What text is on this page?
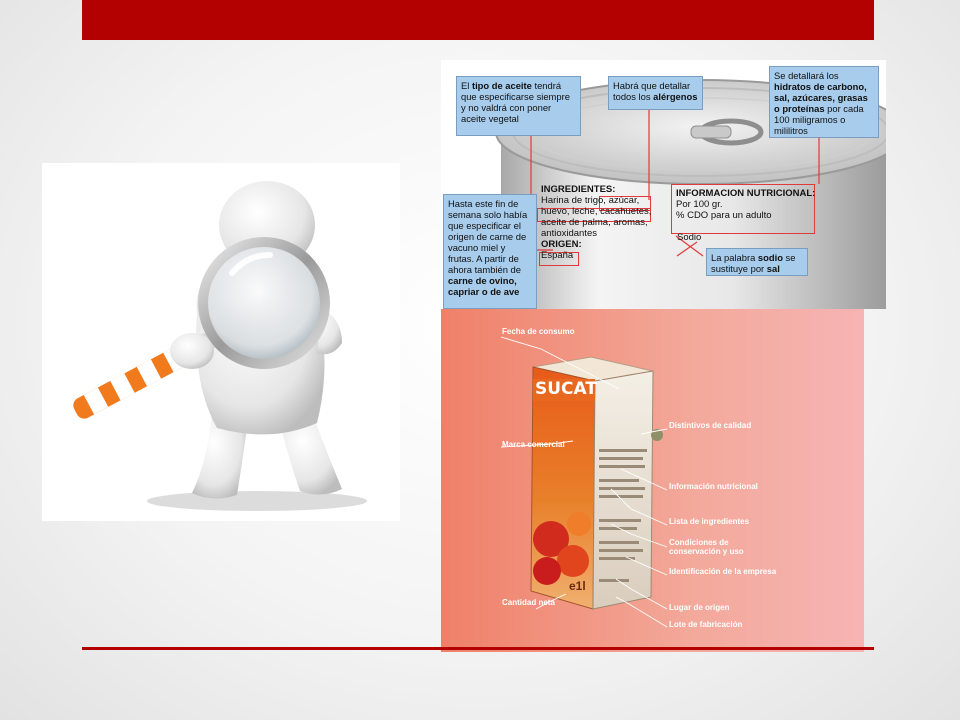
INGREDIENTES:
Harina de trigo, azúcar, huevo, leche, cacahuetes, aceite de palma, aromas, antioxidantes
ORIGEN:
España
INFORMACION NUTRICIONAL:
Por 100 gr.
% CDO para un adulto
Sodio
El tipo de aceite tendrá que especificarse siempre y no valdrá con poner aceite vegetal
Habrá que detallar todos los alérgenos
Se detallará los hidratos de carbono, sal, azúcares, grasas o proteínas por cada 100 miligramos o mililitros
Hasta este fin de semana solo había que especificar el origen de carne de vacuno miel y frutas. A partir de ahora también de carne de ovino, capriar o de ave
La palabra sodio se sustituye por sal
SUCAT
e1l
Fecha de consumo
Distintivos de calidad
Marca comercial
Información nutricional
Lista de ingredientes
Condiciones de
conservación y uso
Identificación de la empresa
Cantidad neta
Lugar de origen
Lote de fabricación
